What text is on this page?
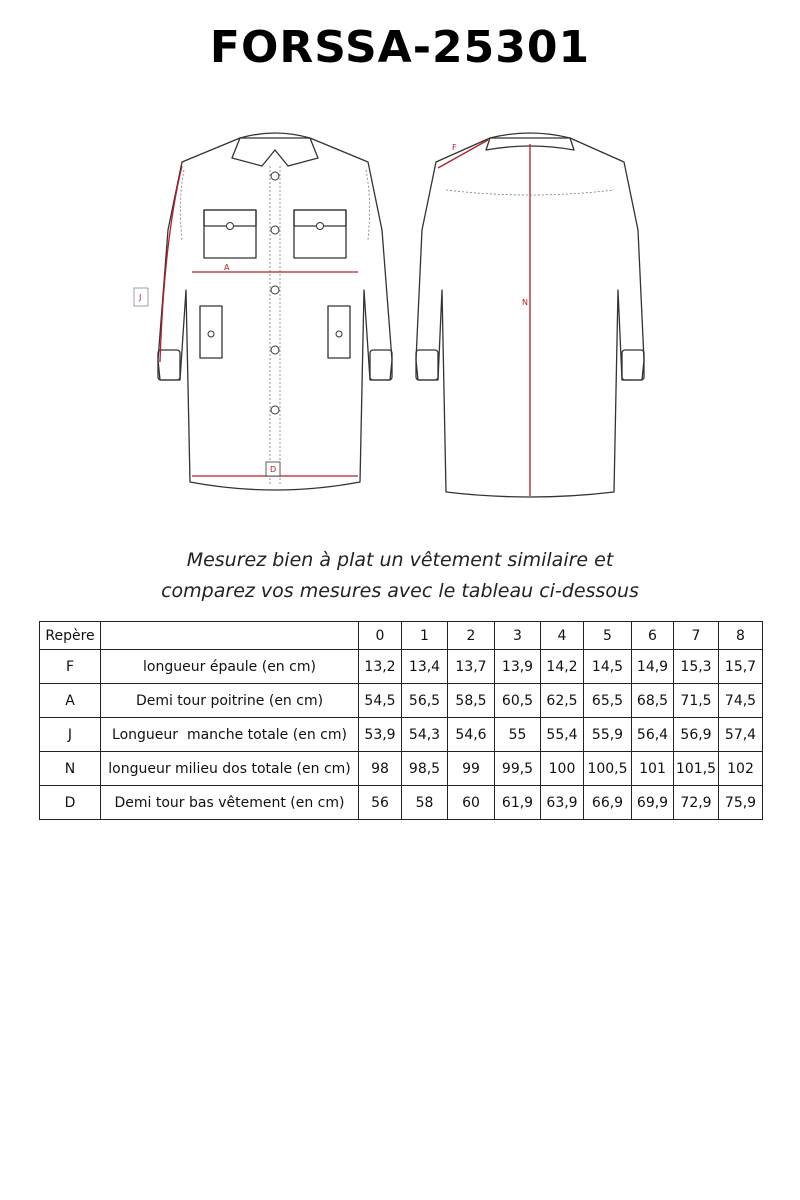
FORSSA-25301
A
D
J
N
F
Mesurez bien à plat un vêtement similaire et
comparez vos mesures avec le tableau ci-dessous
Repère		0	1	2	3	4	5	6	7	8
F	longueur épaule (en cm)	13,2	13,4	13,7	13,9	14,2	14,5	14,9	15,3	15,7
A	Demi tour poitrine (en cm)	54,5	56,5	58,5	60,5	62,5	65,5	68,5	71,5	74,5
J	Longueur  manche totale (en cm)	53,9	54,3	54,6	55	55,4	55,9	56,4	56,9	57,4
N	longueur milieu dos totale (en cm)	98	98,5	99	99,5	100	100,5	101	101,5	102
D	Demi tour bas vêtement (en cm)	56	58	60	61,9	63,9	66,9	69,9	72,9	75,9
